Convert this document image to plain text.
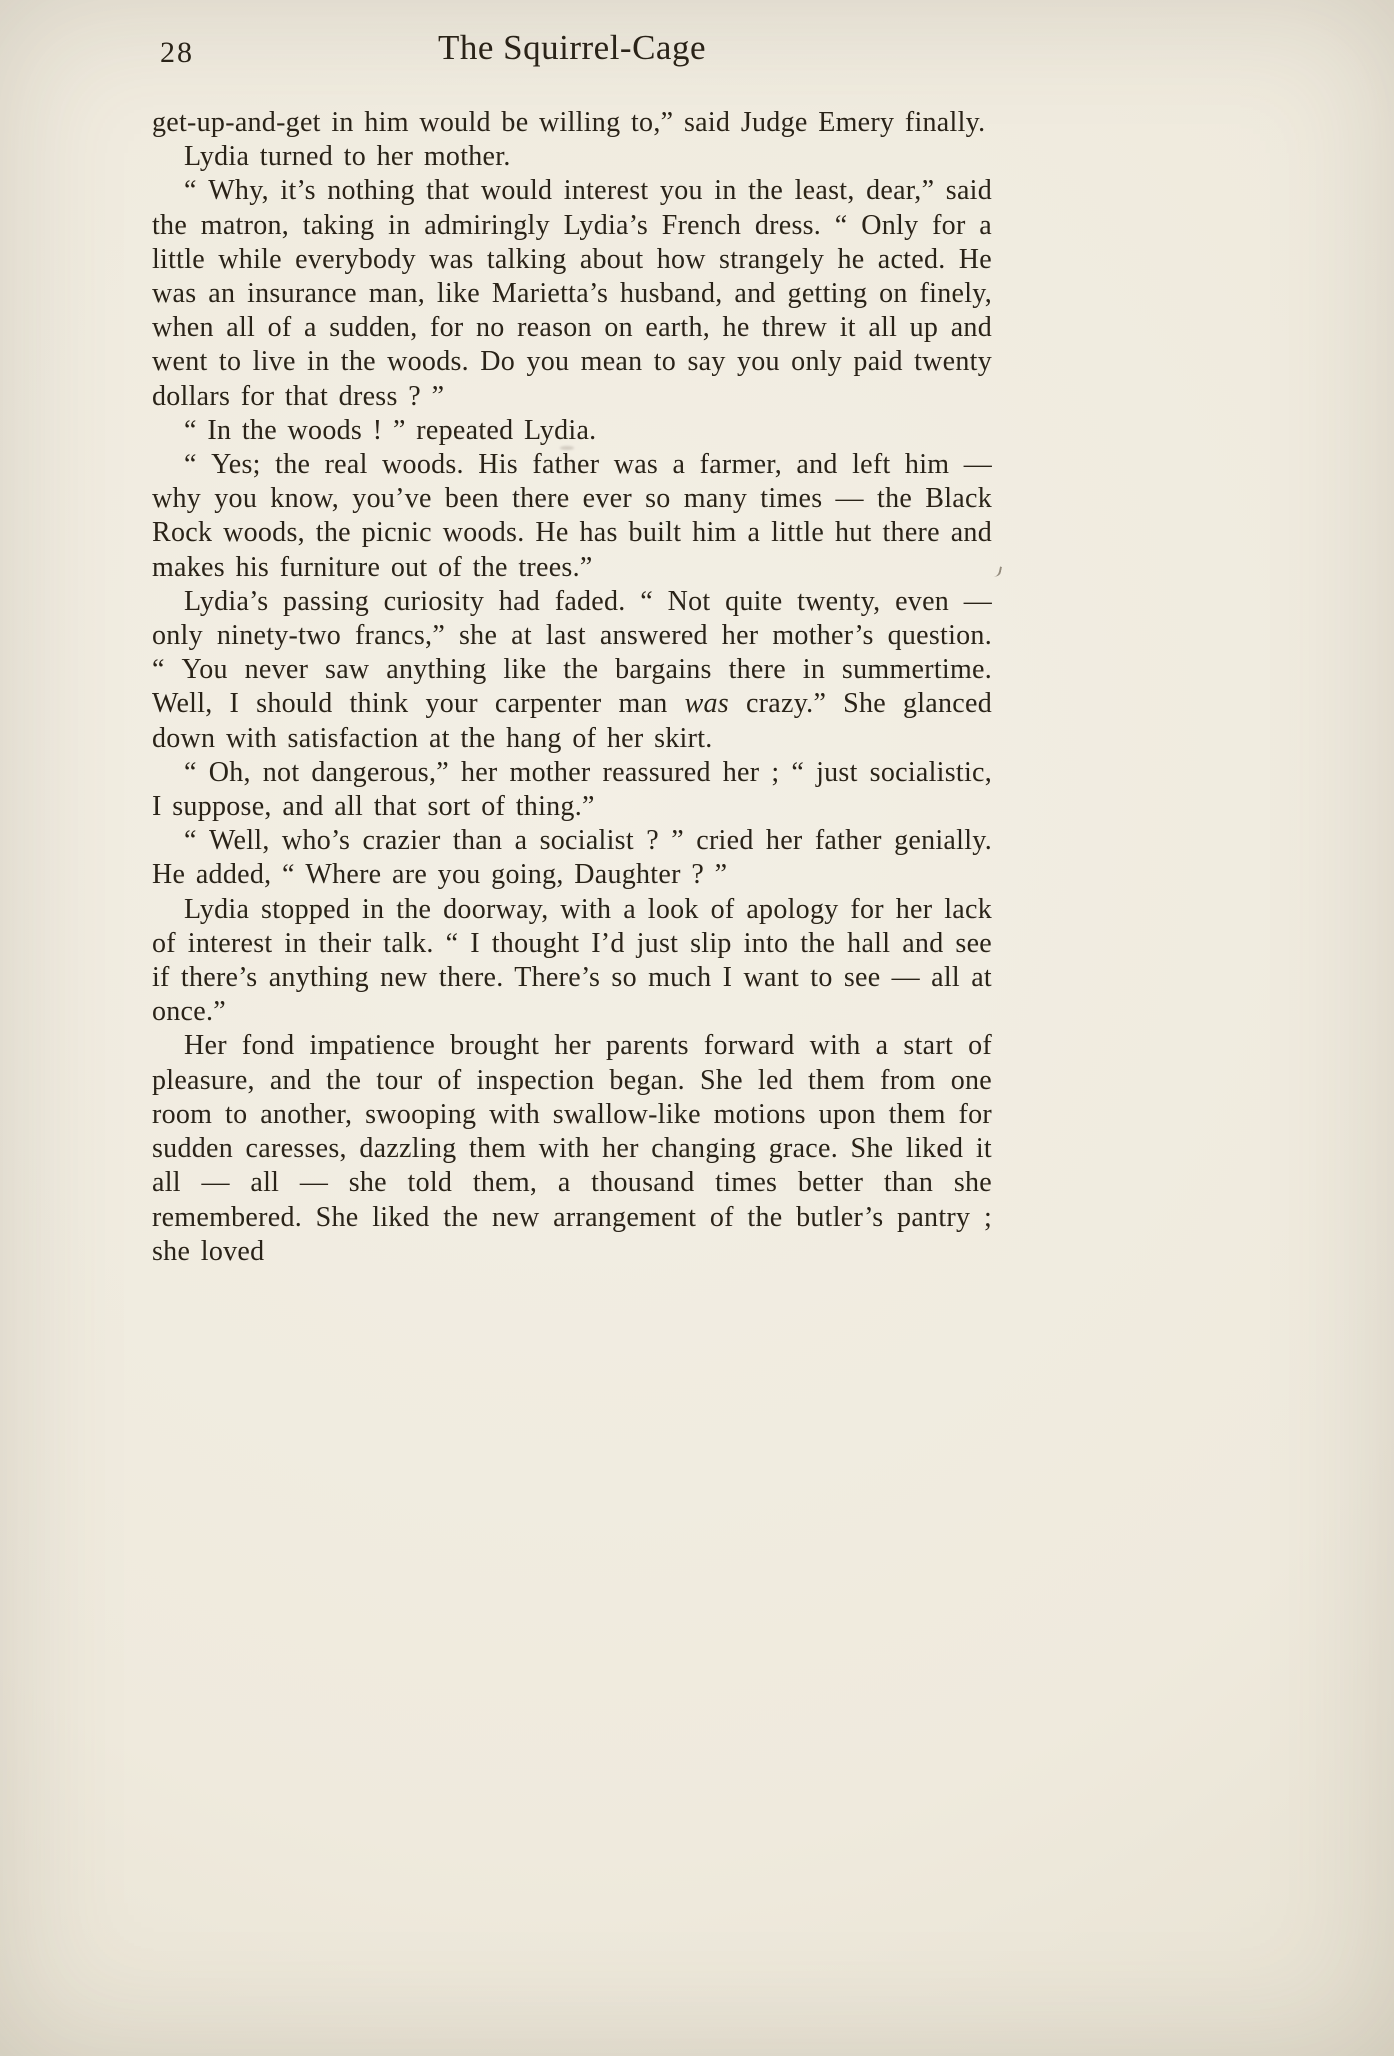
28	The Squirrel-Cage

get-up-and-get in him would be willing to,” said Judge Emery finally.

Lydia turned to her mother.

“ Why, it’s nothing that would interest you in the least, dear,” said the matron, taking in admiringly Lydia’s French dress. “ Only for a little while everybody was talking about how strangely he acted. He was an insurance man, like Marietta’s husband, and getting on finely, when all of a sudden, for no reason on earth, he threw it all up and went to live in the woods. Do you mean to say you only paid twenty dollars for that dress ? ”

“ In the woods ! ” repeated Lydia.

“ Yes; the real woods. His father was a farmer, and left him — why you know, you’ve been there ever so many times — the Black Rock woods, the picnic woods. He has built him a little hut there and makes his furniture out of the trees.”

Lydia’s passing curiosity had faded. “ Not quite twenty, even — only ninety-two francs,” she at last answered her mother’s question. “ You never saw anything like the bargains there in summertime. Well, I should think your carpenter man was crazy.” She glanced down with satisfaction at the hang of her skirt.

“ Oh, not dangerous,” her mother reassured her ; “ just socialistic, I suppose, and all that sort of thing.”

“ Well, who’s crazier than a socialist ? ” cried her father genially. He added, “ Where are you going, Daughter ? ”

Lydia stopped in the doorway, with a look of apology for her lack of interest in their talk. “ I thought I’d just slip into the hall and see if there’s anything new there. There’s so much I want to see — all at once.”

Her fond impatience brought her parents forward with a start of pleasure, and the tour of inspection began. She led them from one room to another, swooping with swallow-like motions upon them for sudden caresses, dazzling them with her changing grace. She liked it all — all — she told them, a thousand times better than she remembered. She liked the new arrangement of the butler’s pantry ; she loved
